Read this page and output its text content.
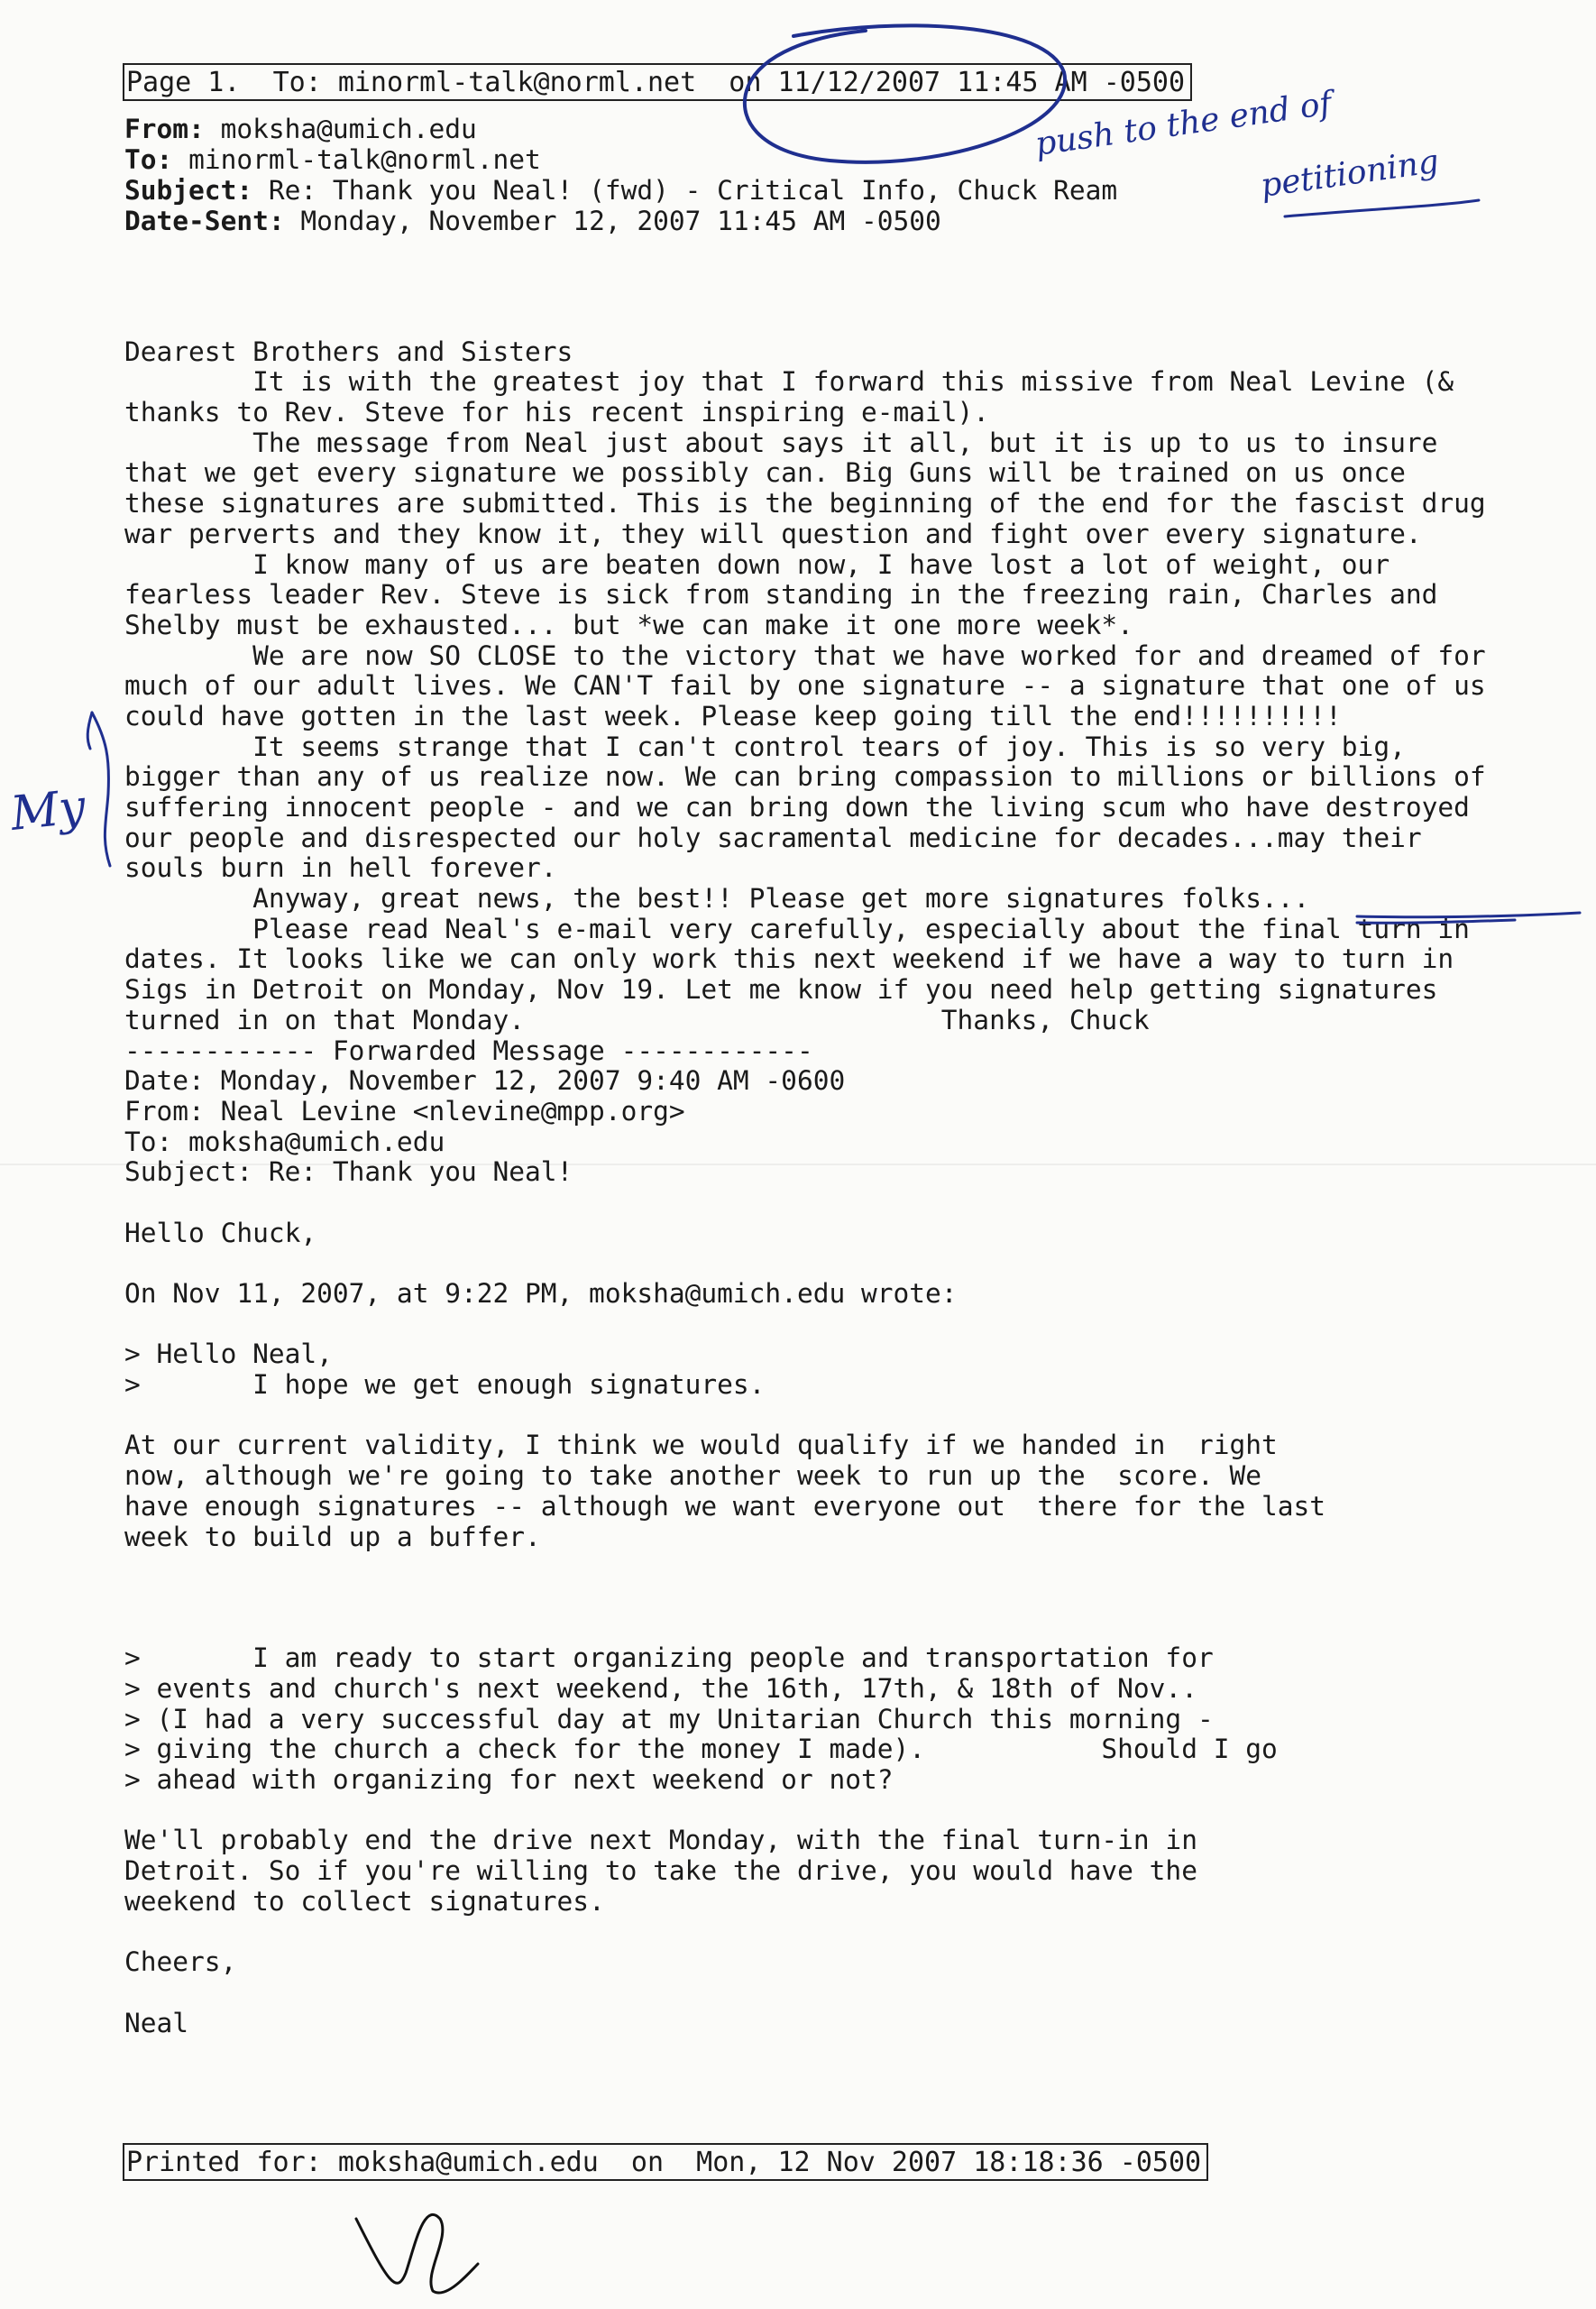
Page 1. To: minorml-talk@norml.net on 11/12/2007 11:45 AM -0500
From: moksha@umich.edu
To: minorml-talk@norml.net
Subject: Re: Thank you Neal! (fwd) - Critical Info, Chuck Ream
Date-Sent: Monday, November 12, 2007 11:45 AM -0500
Dearest Brothers and Sisters
It is with the greatest joy that I forward this missive from Neal Levine (&
thanks to Rev. Steve for his recent inspiring e-mail).
The message from Neal just about says it all, but it is up to us to insure
that we get every signature we possibly can. Big Guns will be trained on us once
these signatures are submitted. This is the beginning of the end for the fascist drug
war perverts and they know it, they will question and fight over every signature.
I know many of us are beaten down now, I have lost a lot of weight, our
fearless leader Rev. Steve is sick from standing in the freezing rain, Charles and
Shelby must be exhausted... but *we can make it one more week*.
We are now SO CLOSE to the victory that we have worked for and dreamed of for
much of our adult lives. We CAN'T fail by one signature -- a signature that one of us
could have gotten in the last week. Please keep going till the end!!!!!!!!!!
It seems strange that I can't control tears of joy. This is so very big,
bigger than any of us realize now. We can bring compassion to millions or billions of
suffering innocent people - and we can bring down the living scum who have destroyed
our people and disrespected our holy sacramental medicine for decades...may their
souls burn in hell forever.
Anyway, great news, the best!! Please get more signatures folks...
Please read Neal's e-mail very carefully, especially about the final turn in
dates. It looks like we can only work this next weekend if we have a way to turn in
Sigs in Detroit on Monday, Nov 19. Let me know if you need help getting signatures
turned in on that Monday.                          Thanks, Chuck
------------ Forwarded Message ------------
Date: Monday, November 12, 2007 9:40 AM -0600
From: Neal Levine <nlevine@mpp.org>
To: moksha@umich.edu
Subject: Re: Thank you Neal!
Hello Chuck,
On Nov 11, 2007, at 9:22 PM, moksha@umich.edu wrote:
> Hello Neal,
>       I hope we get enough signatures.
At our current validity, I think we would qualify if we handed in  right
now, although we're going to take another week to run up the  score. We
have enough signatures -- although we want everyone out  there for the last
week to build up a buffer.
>       I am ready to start organizing people and transportation for
> events and church's next weekend, the 16th, 17th, & 18th of Nov..
> (I had a very successful day at my Unitarian Church this morning -
> giving the church a check for the money I made).           Should I go
> ahead with organizing for next weekend or not?
We'll probably end the drive next Monday, with the final turn-in in
Detroit. So if you're willing to take the drive, you would have the
weekend to collect signatures.
Cheers,
Neal
Printed for: moksha@umich.edu on Mon, 12 Nov 2007 18:18:36 -0500
push to the end of
petitioning
My
